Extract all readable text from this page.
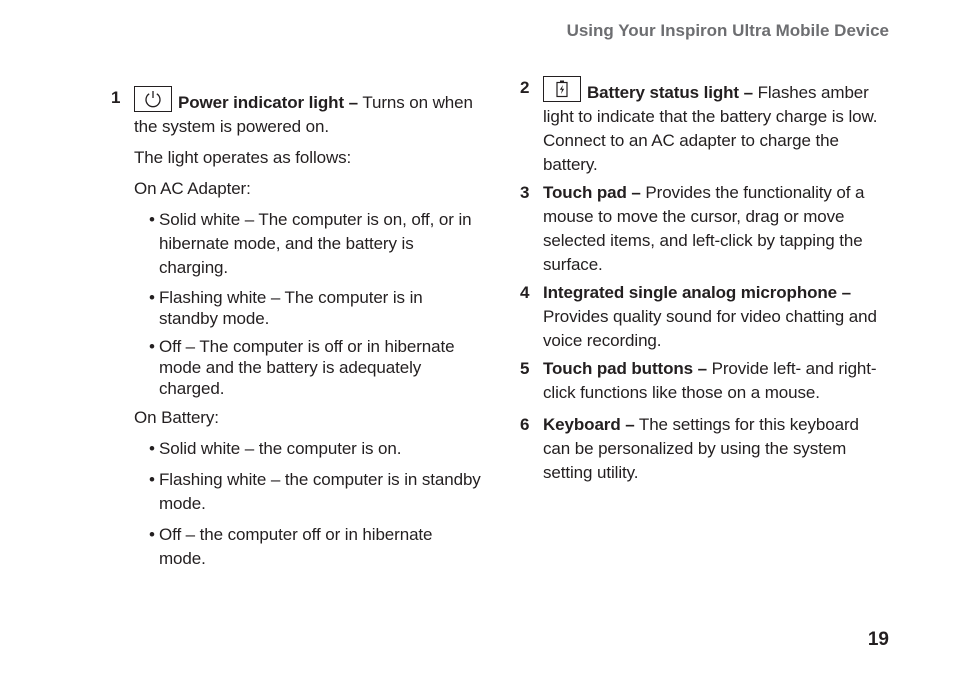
Using Your Inspiron Ultra Mobile Device
1	Power indicator light – Turns on when the system is powered on.
The light operates as follows:
On AC Adapter:
• Solid white – The computer is on, off, or in hibernate mode, and the battery is charging.
• Flashing white – The computer is in standby mode.
• Off – The computer is off or in hibernate mode and the battery is adequately charged.
On Battery:
• Solid white – the computer is on.
• Flashing white – the computer is in standby mode.
• Off – the computer off or in hibernate mode.
2	Battery status light – Flashes amber light to indicate that the battery charge is low. Connect to an AC adapter to charge the battery.
3 Touch pad – Provides the functionality of a mouse to move the cursor, drag or move selected items, and left-click by tapping the surface.
4 Integrated single analog microphone – Provides quality sound for video chatting and voice recording.
5 Touch pad buttons – Provide left- and right-click functions like those on a mouse.
6 Keyboard – The settings for this keyboard can be personalized by using the system setting utility.
19
